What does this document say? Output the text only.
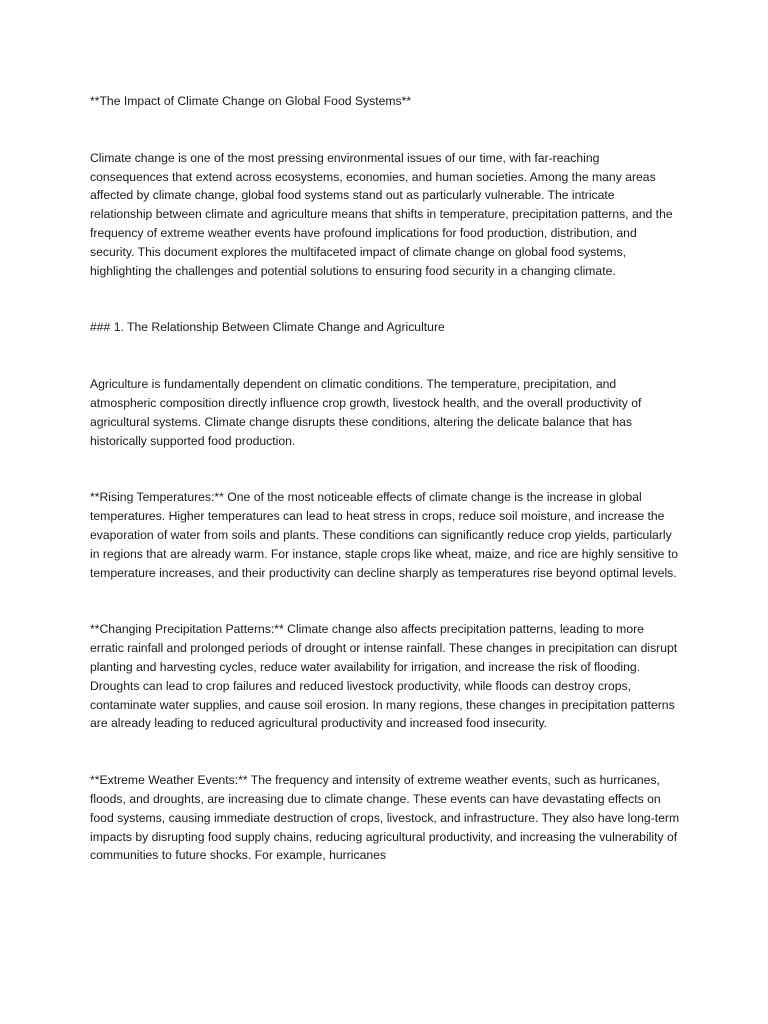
**The Impact of Climate Change on Global Food Systems**

Climate change is one of the most pressing environmental issues of our time, with far-reaching consequences that extend across ecosystems, economies, and human societies. Among the many areas affected by climate change, global food systems stand out as particularly vulnerable. The intricate relationship between climate and agriculture means that shifts in temperature, precipitation patterns, and the frequency of extreme weather events have profound implications for food production, distribution, and security. This document explores the multifaceted impact of climate change on global food systems, highlighting the challenges and potential solutions to ensuring food security in a changing climate.

### 1. The Relationship Between Climate Change and Agriculture

Agriculture is fundamentally dependent on climatic conditions. The temperature, precipitation, and atmospheric composition directly influence crop growth, livestock health, and the overall productivity of agricultural systems. Climate change disrupts these conditions, altering the delicate balance that has historically supported food production.

**Rising Temperatures:** One of the most noticeable effects of climate change is the increase in global temperatures. Higher temperatures can lead to heat stress in crops, reduce soil moisture, and increase the evaporation of water from soils and plants. These conditions can significantly reduce crop yields, particularly in regions that are already warm. For instance, staple crops like wheat, maize, and rice are highly sensitive to temperature increases, and their productivity can decline sharply as temperatures rise beyond optimal levels.

**Changing Precipitation Patterns:** Climate change also affects precipitation patterns, leading to more erratic rainfall and prolonged periods of drought or intense rainfall. These changes in precipitation can disrupt planting and harvesting cycles, reduce water availability for irrigation, and increase the risk of flooding. Droughts can lead to crop failures and reduced livestock productivity, while floods can destroy crops, contaminate water supplies, and cause soil erosion. In many regions, these changes in precipitation patterns are already leading to reduced agricultural productivity and increased food insecurity.

**Extreme Weather Events:** The frequency and intensity of extreme weather events, such as hurricanes, floods, and droughts, are increasing due to climate change. These events can have devastating effects on food systems, causing immediate destruction of crops, livestock, and infrastructure. They also have long-term impacts by disrupting food supply chains, reducing agricultural productivity, and increasing the vulnerability of communities to future shocks. For example, hurricanes
